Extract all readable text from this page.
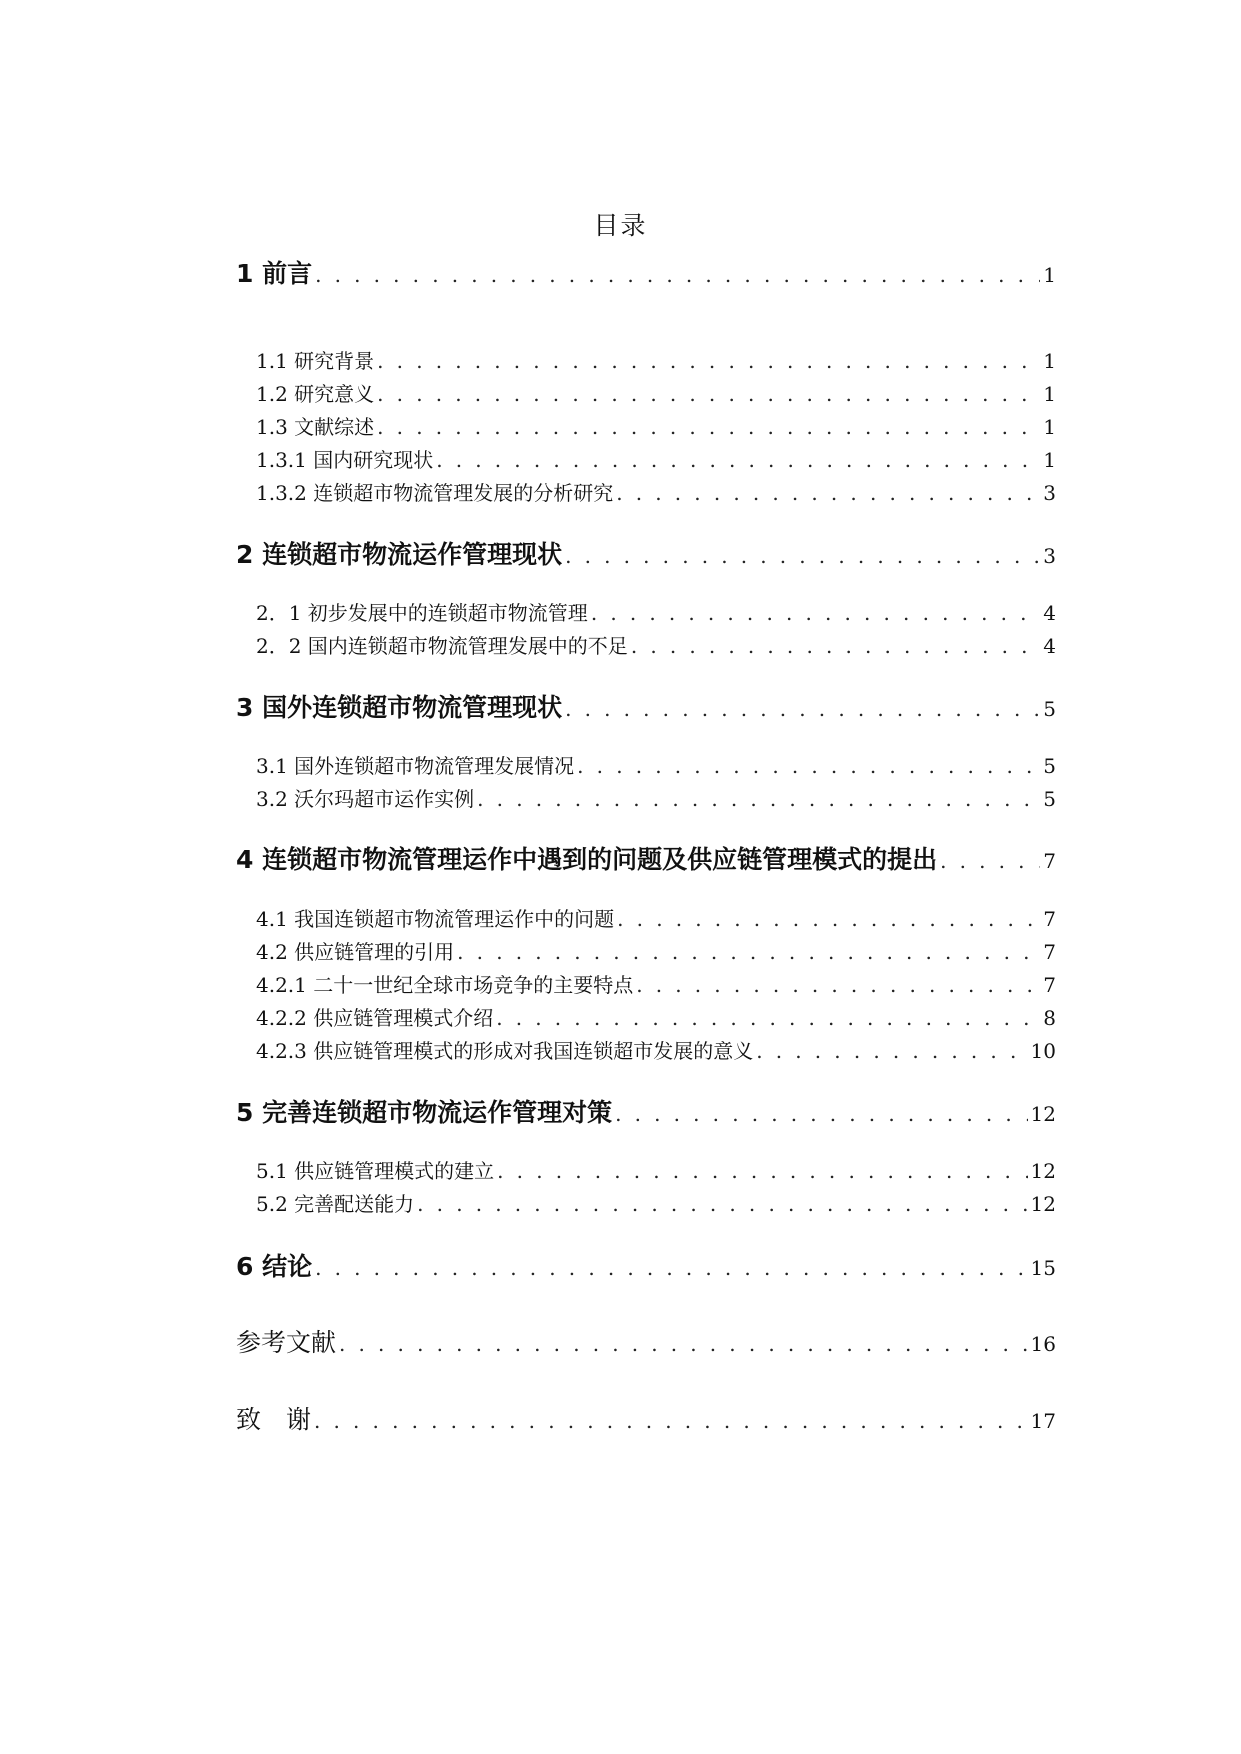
目录
1 前言 . . .	1
1.1 研究背景 . . .	1
1.2 研究意义 . . .	1
1.3 文献综述 . . .	1
1.3.1 国内研究现状 . . .	1
1.3.2 连锁超市物流管理发展的分析研究 . . .	3
2 连锁超市物流运作管理现状 . . .	3
2．1 初步发展中的连锁超市物流管理 . . .	4
2．2 国内连锁超市物流管理发展中的不足 . . .	4
3 国外连锁超市物流管理现状 . . .	5
3.1 国外连锁超市物流管理发展情况 . . .	5
3.2 沃尔玛超市运作实例 . . .	5
4 连锁超市物流管理运作中遇到的问题及供应链管理模式的提出 . . .	7
4.1 我国连锁超市物流管理运作中的问题 . . .	7
4.2 供应链管理的引用 . . .	7
4.2.1 二十一世纪全球市场竞争的主要特点 . . .	7
4.2.2 供应链管理模式介绍 . . .	8
4.2.3 供应链管理模式的形成对我国连锁超市发展的意义 . . .	10
5 完善连锁超市物流运作管理对策 . . .	12
5.1 供应链管理模式的建立 . . .	12
5.2 完善配送能力 . . .	12
6 结论 . . .	15
参考文献 . . .	16
致　谢 . . .	17
